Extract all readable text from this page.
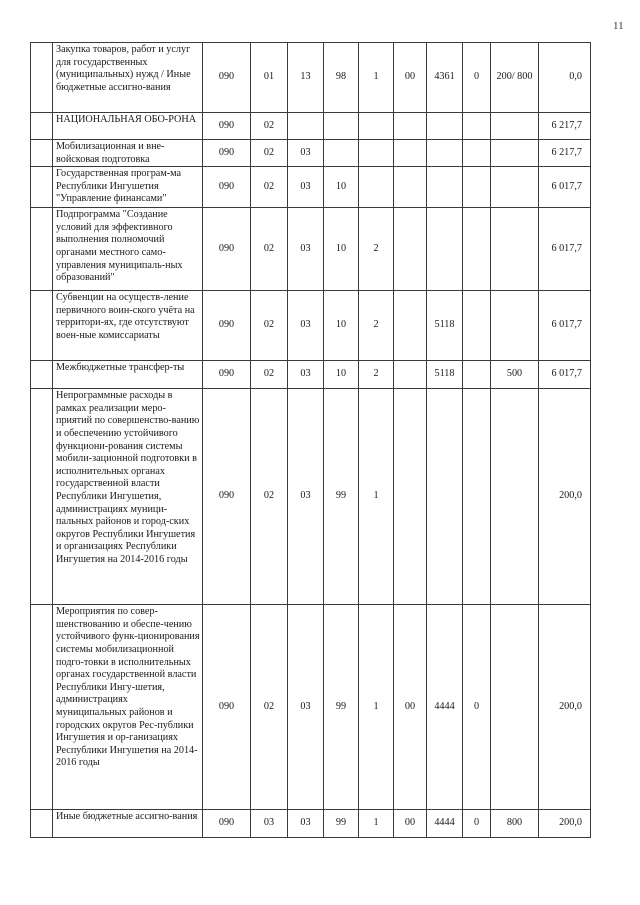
11
	Закупка товаров, работ и услуг для государственных (муниципальных) нужд / Иные бюджетные ассигно-вания	090	01	13	98	1	00	4361	0	200/ 800	0,0
	НАЦИОНАЛЬНАЯ ОБО-РОНА	090	02								6 217,7
	Мобилизационная и вне-войсковая подготовка	090	02	03							6 217,7
	Государственная програм-ма Республики Ингушетия "Управление финансами"	090	02	03	10						6 017,7
	Подпрограмма "Создание условий для эффективного выполнения полномочий органами местного само-управления муниципаль-ных образований"	090	02	03	10	2					6 017,7
	Субвенции на осуществ-ление первичного воин-ского учёта на территори-ях, где отсутствуют воен-ные комиссариаты	090	02	03	10	2		5118			6 017,7
	Межбюджетные трансфер-ты	090	02	03	10	2		5118		500	6 017,7
	Непрограммные расходы в рамках реализации меро-приятий по совершенство-ванию и обеспечению устойчивого функциони-рования системы мобили-зационной подготовки в исполнительных органах государственной власти Республики Ингушетия, администрациях муници-пальных районов и город-ских округов Республики Ингушетия и организациях Республики Ингушетия на 2014-2016 годы	090	02	03	99	1					200,0
	Мероприятия по совер-шенствованию и обеспе-чению устойчивого функ-ционирования системы мобилизационной подго-товки в исполнительных органах государственной власти Республики Ингу-шетия, администрациях муниципальных районов и городских округов Рес-публики Ингушетия и ор-ганизациях Республики Ингушетия на 2014-2016 годы	090	02	03	99	1	00	4444	0		200,0
	Иные бюджетные ассигно-вания	090	03	03	99	1	00	4444	0	800	200,0
